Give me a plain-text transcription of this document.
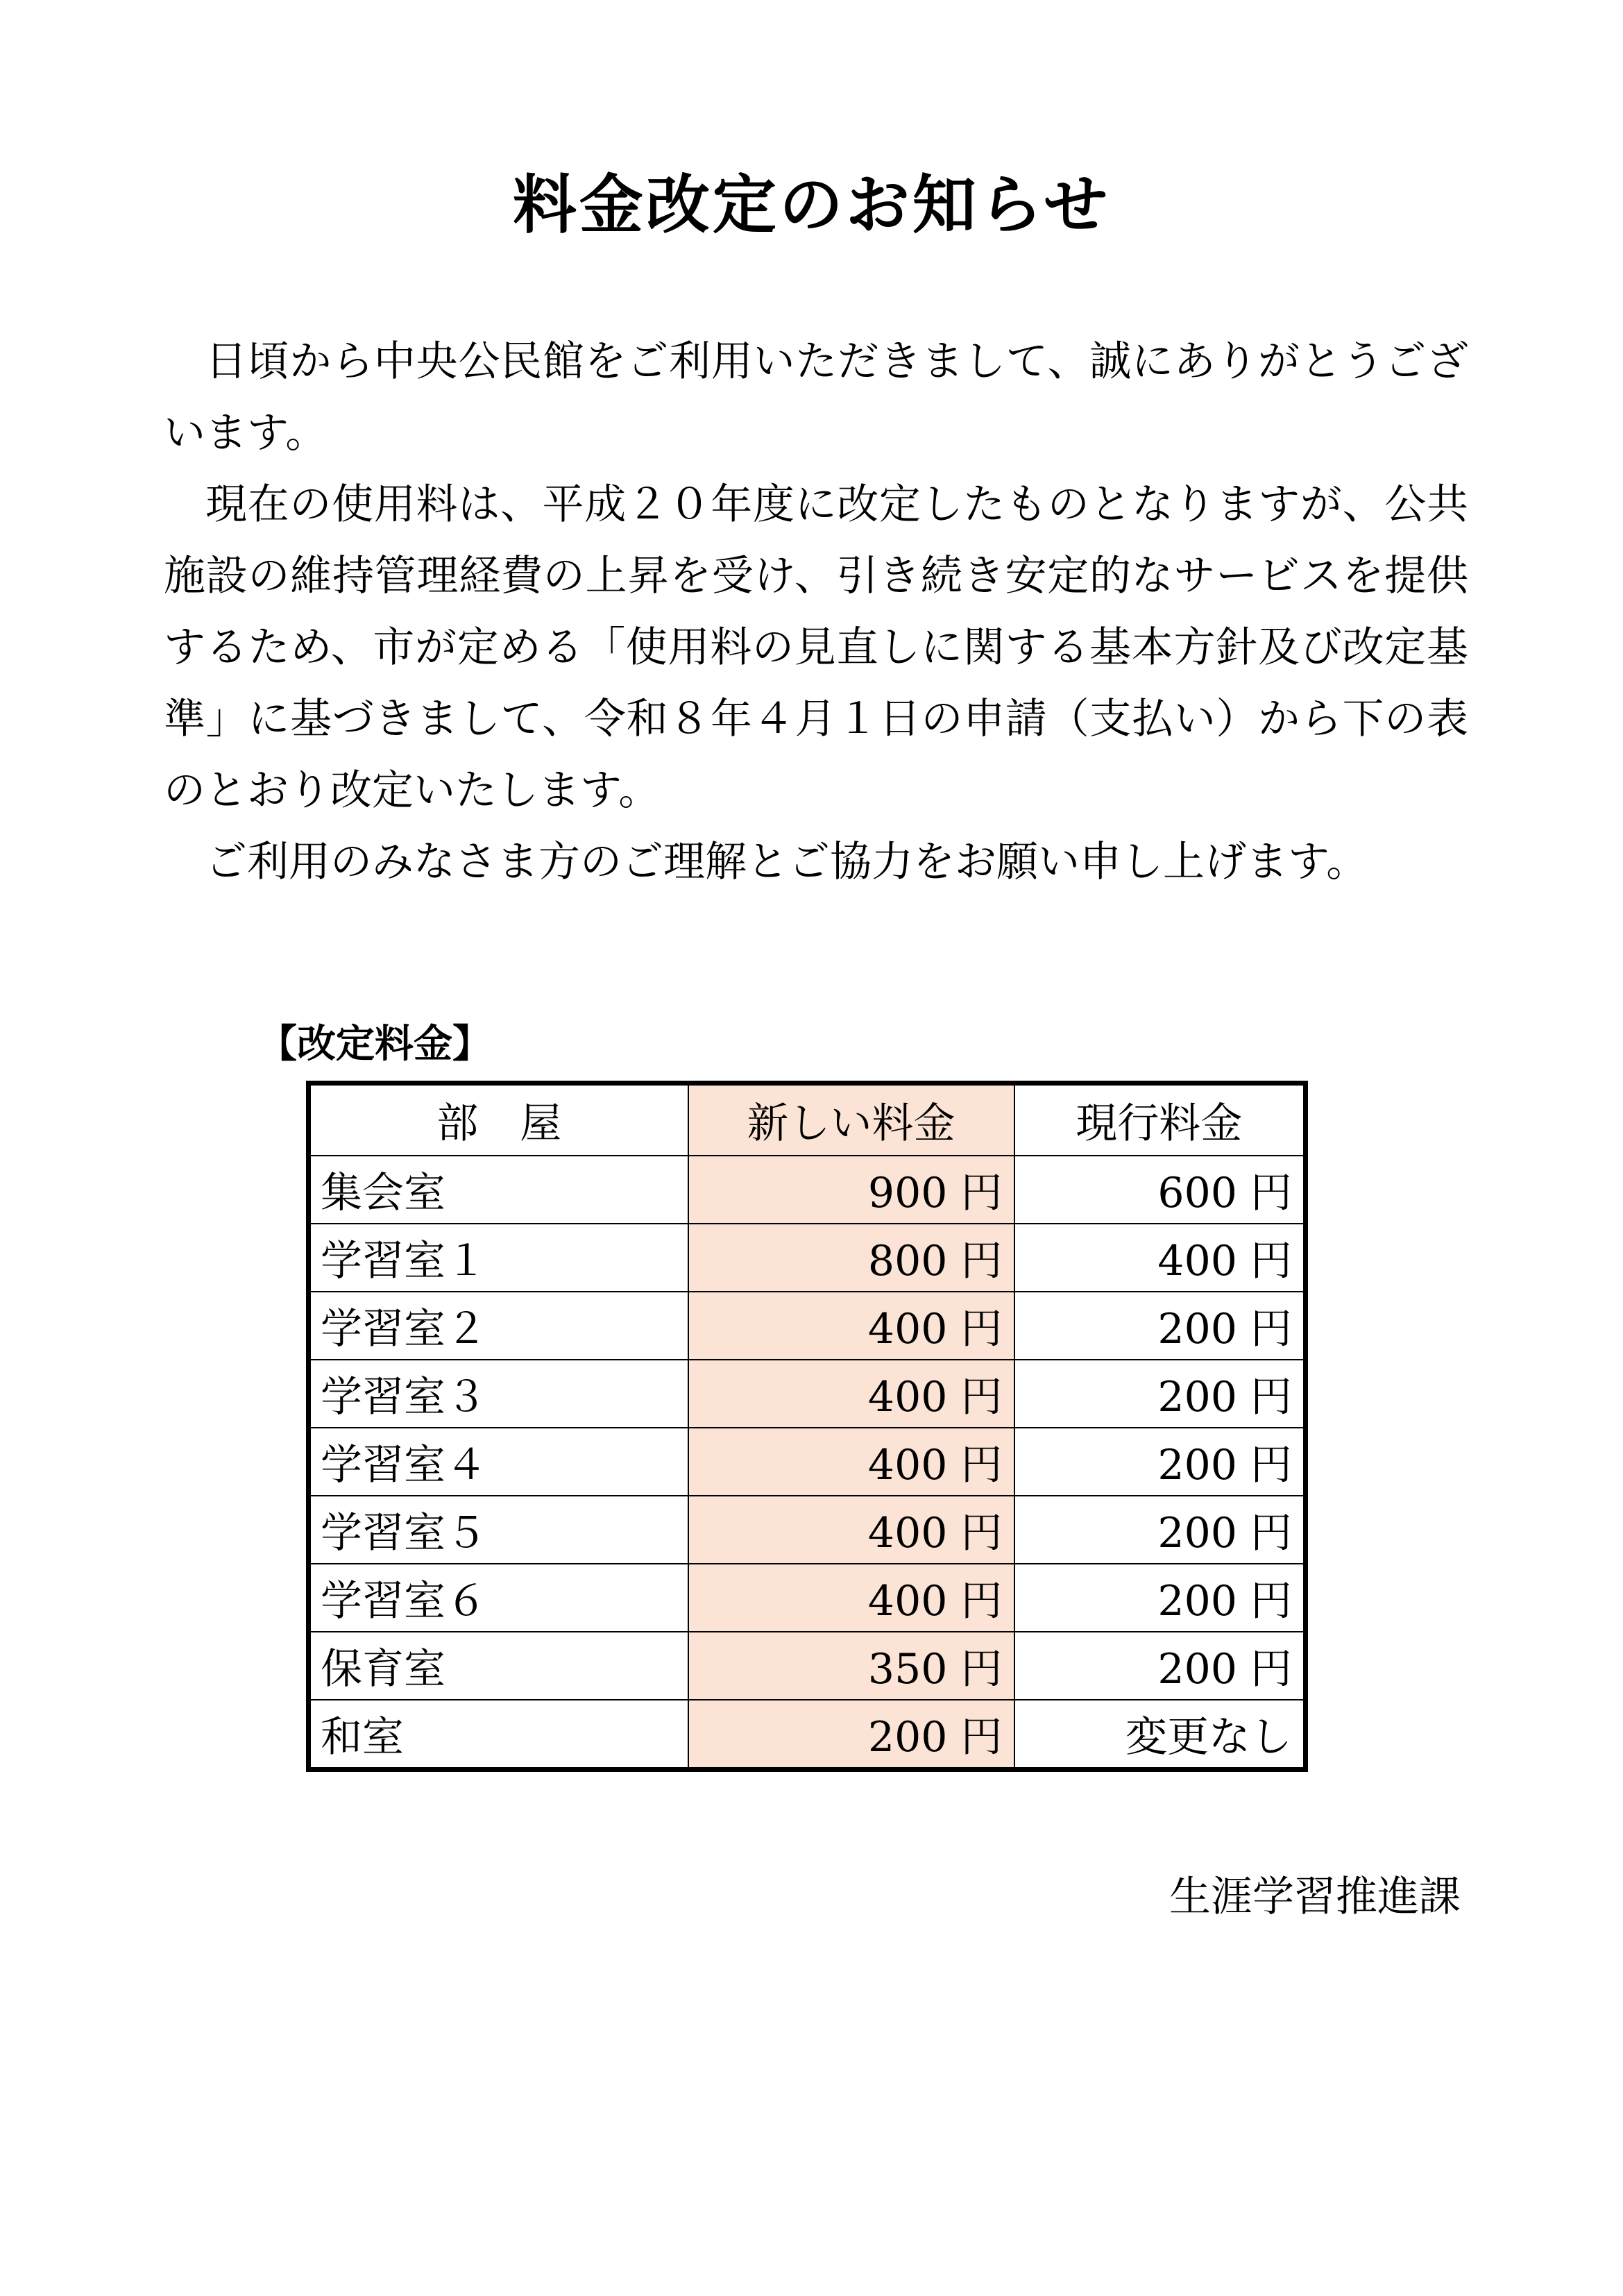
料金改定のお知らせ

日頃から中央公民館をご利用いただきまして、誠にありがとうございます。

現在の使用料は、平成２０年度に改定したものとなりますが、公共施設の維持管理経費の上昇を受け、引き続き安定的なサービスを提供するため、市が定める「使用料の見直しに関する基本方針及び改定基準」に基づきまして、令和８年４月１日の申請（支払い）から下の表のとおり改定いたします。

ご利用のみなさま方のご理解とご協力をお願い申し上げます。

【改定料金】
部　屋	新しい料金	現行料金
集会室	900 円	600 円
学習室１	800 円	400 円
学習室２	400 円	200 円
学習室３	400 円	200 円
学習室４	400 円	200 円
学習室５	400 円	200 円
学習室６	400 円	200 円
保育室	350 円	200 円
和室	200 円	変更なし
生涯学習推進課
